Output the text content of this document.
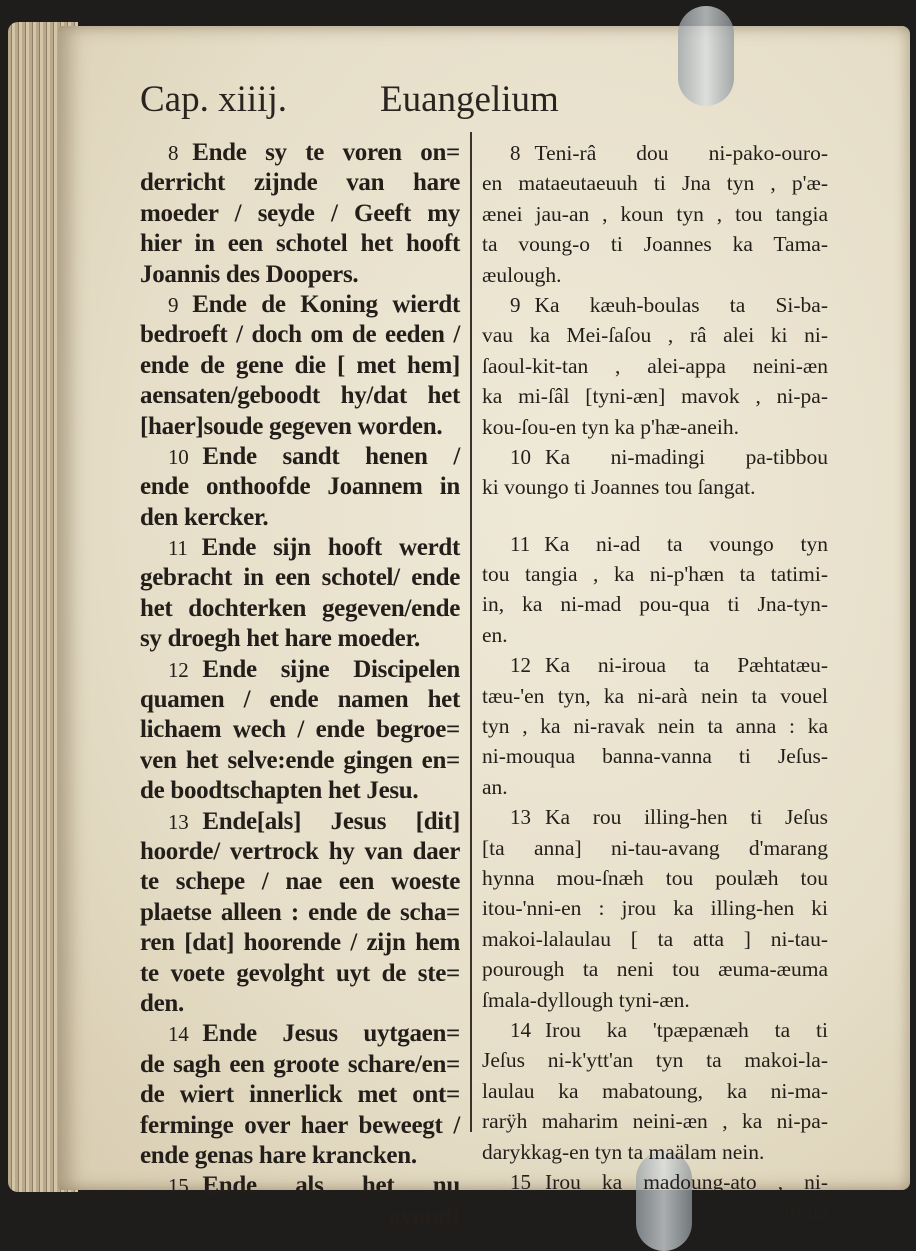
Cap. xiiij.	Euangelium
8 Ende sy te voren on=
derricht zijnde van hare
moeder / seyde / Geeft my
hier in een schotel het hooft
Joannis des Doopers.
9 Ende de Koning wierdt
bedroeft / doch om de eeden /
ende de gene die [ met hem]
aensaten/geboodt hy/dat het
[haer]soude gegeven worden.
10 Ende sandt henen /
ende onthoofde Joannem in
den kercker.
11 Ende sijn hooft werdt
gebracht in een schotel/ ende
het dochterken gegeven/ende
sy droegh het hare moeder.
12 Ende sijne Discipelen
quamen / ende namen het
lichaem wech / ende begroe=
ven het selve:ende gingen en=
de boodtschapten het Jesu.
13 Ende[als] Jesus [dit]
hoorde/ vertrock hy van daer
te schepe / nae een woeste
plaetse alleen : ende de scha=
ren [dat] hoorende / zijn hem
te voete gevolght uyt de ste=
den.
14 Ende Jesus uytgaen=
de sagh een groote schare/en=
de wiert innerlick met ont=
ferminge over haer beweegt /
ende genas hare krancken.
15 Ende als het nu
avondt
8 Teni-râ dou ni-pako-ouro-
en mataeutaeuuh ti Jna tyn , p'æ-
ænei jau-an , koun tyn , tou tangia
ta voung-o ti Joannes ka Tama-
æulough.
9 Ka kæuh-boulas ta Si-ba-
vau ka Mei-ſaſou , râ alei ki ni-
ſaoul-kit-tan , alei-appa neini-æn
ka mi-ſâl [tyni-æn] mavok , ni-pa-
kou-ſou-en tyn ka p'hæ-aneih.
10 Ka ni-madingi pa-tibbou
ki voungo ti Joannes tou ſangat.
11 Ka ni-ad ta voungo tyn
tou tangia , ka ni-p'hæn ta tatimi-
in, ka ni-mad pou-qua ti Jna-tyn-
en.
12 Ka ni-iroua ta Pæhtatæu-
tæu-'en tyn, ka ni-arà nein ta vouel
tyn , ka ni-ravak nein ta anna : ka
ni-mouqua banna-vanna ti Jeſus-
an.
13 Ka rou illing-hen ti Jeſus
[ta anna] ni-tau-avang d'marang
hynna mou-ſnæh tou poulæh tou
itou-'nni-en : jrou ka illing-hen ki
makoi-lalaulau [ ta atta ] ni-tau-
pourough ta neni tou æuma-æuma
ſmala-dyllough tyni-æn.
14 Irou ka 'tpæpænæh ta ti
Jeſus ni-k'ytt'an tyn ta makoi-la-
laulau ka mabatoung, ka ni-ma-
rarÿh maharim neini-æn , ka ni-pa-
darykkag-en tyn ta maälam nein.
15 Irou ka madoung-ato , ni-
iroua
